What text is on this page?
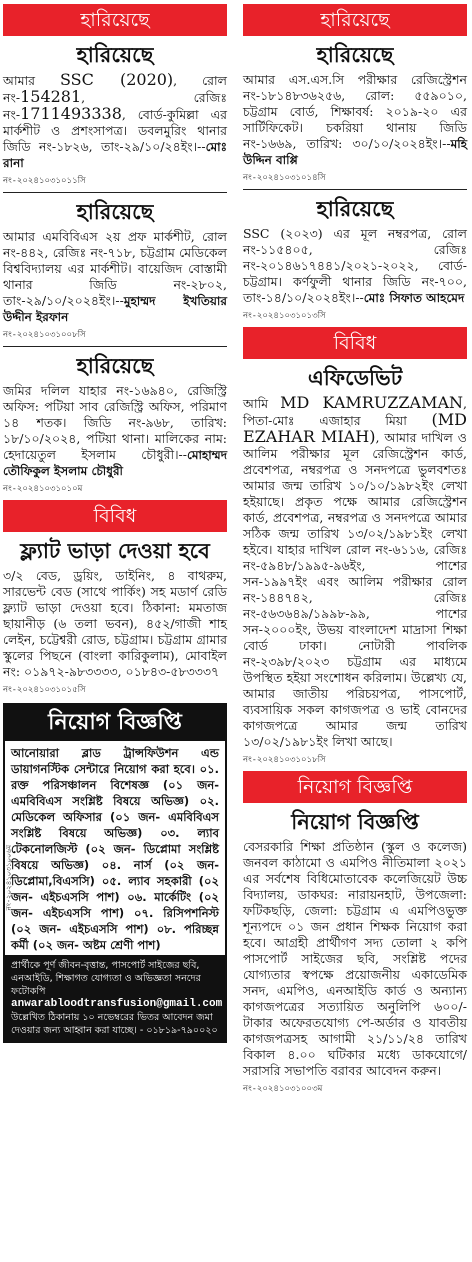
হারিয়েছে
হারিয়েছে
আমার SSC (2020), রোল নং-154281, রেজিঃ নং-1711493338, বোর্ড-কুমিল্লা এর মার্কশীট ও প্রশংসাপত্র। ডবলমুরিং থানার জিডি নং-১৮২৬, তাং-২৯/১০/২৪ইং।--মোঃ রানা
নং-২০২৪১০৩১০১১সি
হারিয়েছে
আমার এমবিবিএস ২য় প্রফ মার্কশীট, রোল নং-৪৪২, রেজিঃ নং-৭১৮, চট্টগ্রাম মেডিকেল বিশ্ববিদ্যালয় এর মার্কশীট। বায়েজিদ বোস্তামী থানার জিডি নং-২৮০২, তাং-২৯/১০/২০২৪ইং।--মুহাম্মদ ইখতিয়ার উদ্দীন ইরফান
নং-২০২৪১০৩১০০৮সি
হারিয়েছে
জমির দলিল যাহার নং-১৬৯৪০, রেজিস্ট্রি অফিস: পটিয়া সাব রেজিস্ট্রি অফিস, পরিমাণ ১৪ শতক। জিডি নং-৯৬৮, তারিখ: ১৮/১০/২০২৪, পটিয়া থানা। মালিকের নাম: হেদায়েতুল ইসলাম চৌধুরী।--মোহাম্মদ তৌফিকুল ইসলাম চৌধুরী
নং-২০২৪১০৩১০১০ম
বিবিধ
ফ্ল্যাট ভাড়া দেওয়া হবে
৩/২ বেড, ড্রয়িং, ডাইনিং, ৪ বাথরুম, সারভেন্ট বেড (সাথে পার্কিং) সহ মডার্ণ রেডি ফ্ল্যাট ভাড়া দেওয়া হবে। ঠিকানা: মমতাজ ছায়ানীড় (৬ তলা ভবন), ৪৫২/গাজী শাহ লেইন, চট্টেশ্বরী রোড, চট্টগ্রাম। চট্টগ্রাম গ্রামার স্কুলের পিছনে (বাংলা কারিকুলাম), মোবাইল নং: ০১৯৭২-৯৮৩৩৩৩, ০১৮৪৩-৫৮৩৩৩৭
নং-২০২৪১০৩১০১৫সি
নিয়োগ বিজ্ঞপ্তি
আনোয়ারা ব্লাড ট্রান্সফিউশন এন্ড ডায়াগনস্টিক সেন্টারে নিয়োগ করা হবে। ০১. রক্ত পরিসঞ্চালন বিশেষজ্ঞ (০১ জন- এমবিবিএস সংশ্লিষ্ট বিষয়ে অভিজ্ঞ) ০২. মেডিকেল অফিসার (০১ জন- এমবিবিএস সংশ্লিষ্ট বিষয়ে অভিজ্ঞ) ০৩. ল্যাব টেকনোলজিস্ট (০২ জন- ডিপ্লোমা সংশ্লিষ্ট বিষয়ে অভিজ্ঞ) ০৪. নার্স (০২ জন- ডিপ্লোমা,বিএসসি) ০৫. ল্যাব সহকারী (০২ জন- এইচএসসি পাশ) ০৬. মার্কেটিং (০২ জন- এইচএসসি পাশ) ০৭. রিসিপশনিস্ট (০২ জন- এইচএসসি পাশ) ০৮. পরিচ্ছন্ন কর্মী (০২ জন- অষ্টম শ্রেণী পাশ)
প্রার্থীকে পূর্ণ জীবন-বৃত্তান্ত, পাসপোর্ট সাইজের ছবি, এনআইডি, শিক্ষাগত যোগ্যতা ও অভিজ্ঞতা সনদের ফটোকপি
anwarabloodtransfusion@gmail.com
উল্লেখিত ঠিকানায় ১০ নভেম্বরের ভিতর আবেদন জমা দেওয়ার জন্য আহ্বান করা যাচ্ছে। - ০১৮১৯-৭৯০০২০
নং-২০২৪১০৩১০০৬ম
হারিয়েছে
হারিয়েছে
আমার এস.এস.সি পরীক্ষার রেজিস্ট্রেশন নং-১৮১৪৮৩৬২৫৬, রোল: ৫৫৯০১০, চট্টগ্রাম বোর্ড, শিক্ষাবর্ষ: ২০১৯-২০ এর সার্টিফিকেট। চকরিয়া থানায় জিডি নং-১৬৬৯, তারিখ: ৩০/১০/২০২৪ইং।--মহি উদ্দিন বাপ্পি
নং-২০২৪১০৩১০১৪সি
হারিয়েছে
SSC (২০২৩) এর মূল নম্বরপত্র, রোল নং-১১৫৪০৫, রেজিঃ নং-২০১৪৬১৭৪৪১/২০২১-২০২২, বোর্ড- চট্টগ্রাম। কর্ণফুলী থানার জিডি নং-৭০০, তাং-১৪/১০/২০২৪ইং।--মোঃ সিফাত আহমেদ
নং-২০২৪১০৩১০১৩সি
বিবিধ
এফিডেভিট
আমি MD KAMRUZZAMAN, পিতা-মোঃ এজাহার মিয়া (MD EZAHAR MIAH), আমার দাখিল ও আলিম পরীক্ষার মূল রেজিস্ট্রেশন কার্ড, প্রবেশপত্র, নম্বরপত্র ও সনদপত্রে ভুলবশতঃ আমার জন্ম তারিখ ১০/১০/১৯৮২ইং লেখা হইয়াছে। প্রকৃত পক্ষে আমার রেজিস্ট্রেশন কার্ড, প্রবেশপত্র, নম্বরপত্র ও সনদপত্রে আমার সঠিক জন্ম তারিখ ১৩/০২/১৯৮১ইং লেখা হইবে। যাহার দাখিল রোল নং-৬১১৬, রেজিঃ নং-৫৯৪৮/১৯৯৫-৯৬ইং, পাশের সন-১৯৯৭ইং এবং আলিম পরীক্ষার রোল নং-১৪৪৭৪২, রেজিঃ নং-৫৬৩৬৪৯/১৯৯৮-৯৯, পাশের সন-২০০০ইং, উভয় বাংলাদেশ মাদ্রাসা শিক্ষা বোর্ড ঢাকা। নোটারী পাবলিক নং-২৩৯৮/২০২৩ চট্টগ্রাম এর মাধ্যমে উপস্থিত হইয়া সংশোধন করিলাম। উল্লেখ্য যে, আমার জাতীয় পরিচয়পত্র, পাসপোর্ট, ব্যবসায়িক সকল কাগজপত্র ও ভাই বোনদের কাগজপত্রে আমার জন্ম তারিখ ১৩/০২/১৯৮১ইং লিখা আছে।
নং-২০২৪১০৩১০১৮সি
নিয়োগ বিজ্ঞপ্তি
নিয়োগ বিজ্ঞপ্তি
বেসরকারি শিক্ষা প্রতিষ্ঠান (স্কুল ও কলেজ) জনবল কাঠামো ও এমপিও নীতিমালা ২০২১ এর সর্বশেষ বিধিমোতাবেক কলেজিয়েট উচ্চ বিদ্যালয়, ডাকঘর: নারায়নহাট, উপজেলা: ফটিকছড়ি, জেলা: চট্টগ্রাম এ এমপিওভুক্ত শূন্যপদে ০১ জন প্রধান শিক্ষক নিয়োগ করা হবে। আগ্রহী প্রার্থীগণ সদ্য তোলা ২ কপি পাসপোর্ট সাইজের ছবি, সংশ্লিষ্ট পদের যোগ্যতার স্বপক্ষে প্রয়োজনীয় একাডেমিক সনদ, এমপিও, এনআইডি কার্ড ও অন্যান্য কাগজপত্রের সত্যায়িত অনুলিপি ৬০০/- টাকার অফেরতযোগ্য পে-অর্ডার ও যাবতীয় কাগজপত্রসহ আগামী ২১/১১/২৪ তারিখ বিকাল ৪.০০ ঘটিকার মধ্যে ডাকযোগে/সরাসরি সভাপতি বরাবর আবেদন করুন।
নং-২০২৪১০৩১০০৩ম
